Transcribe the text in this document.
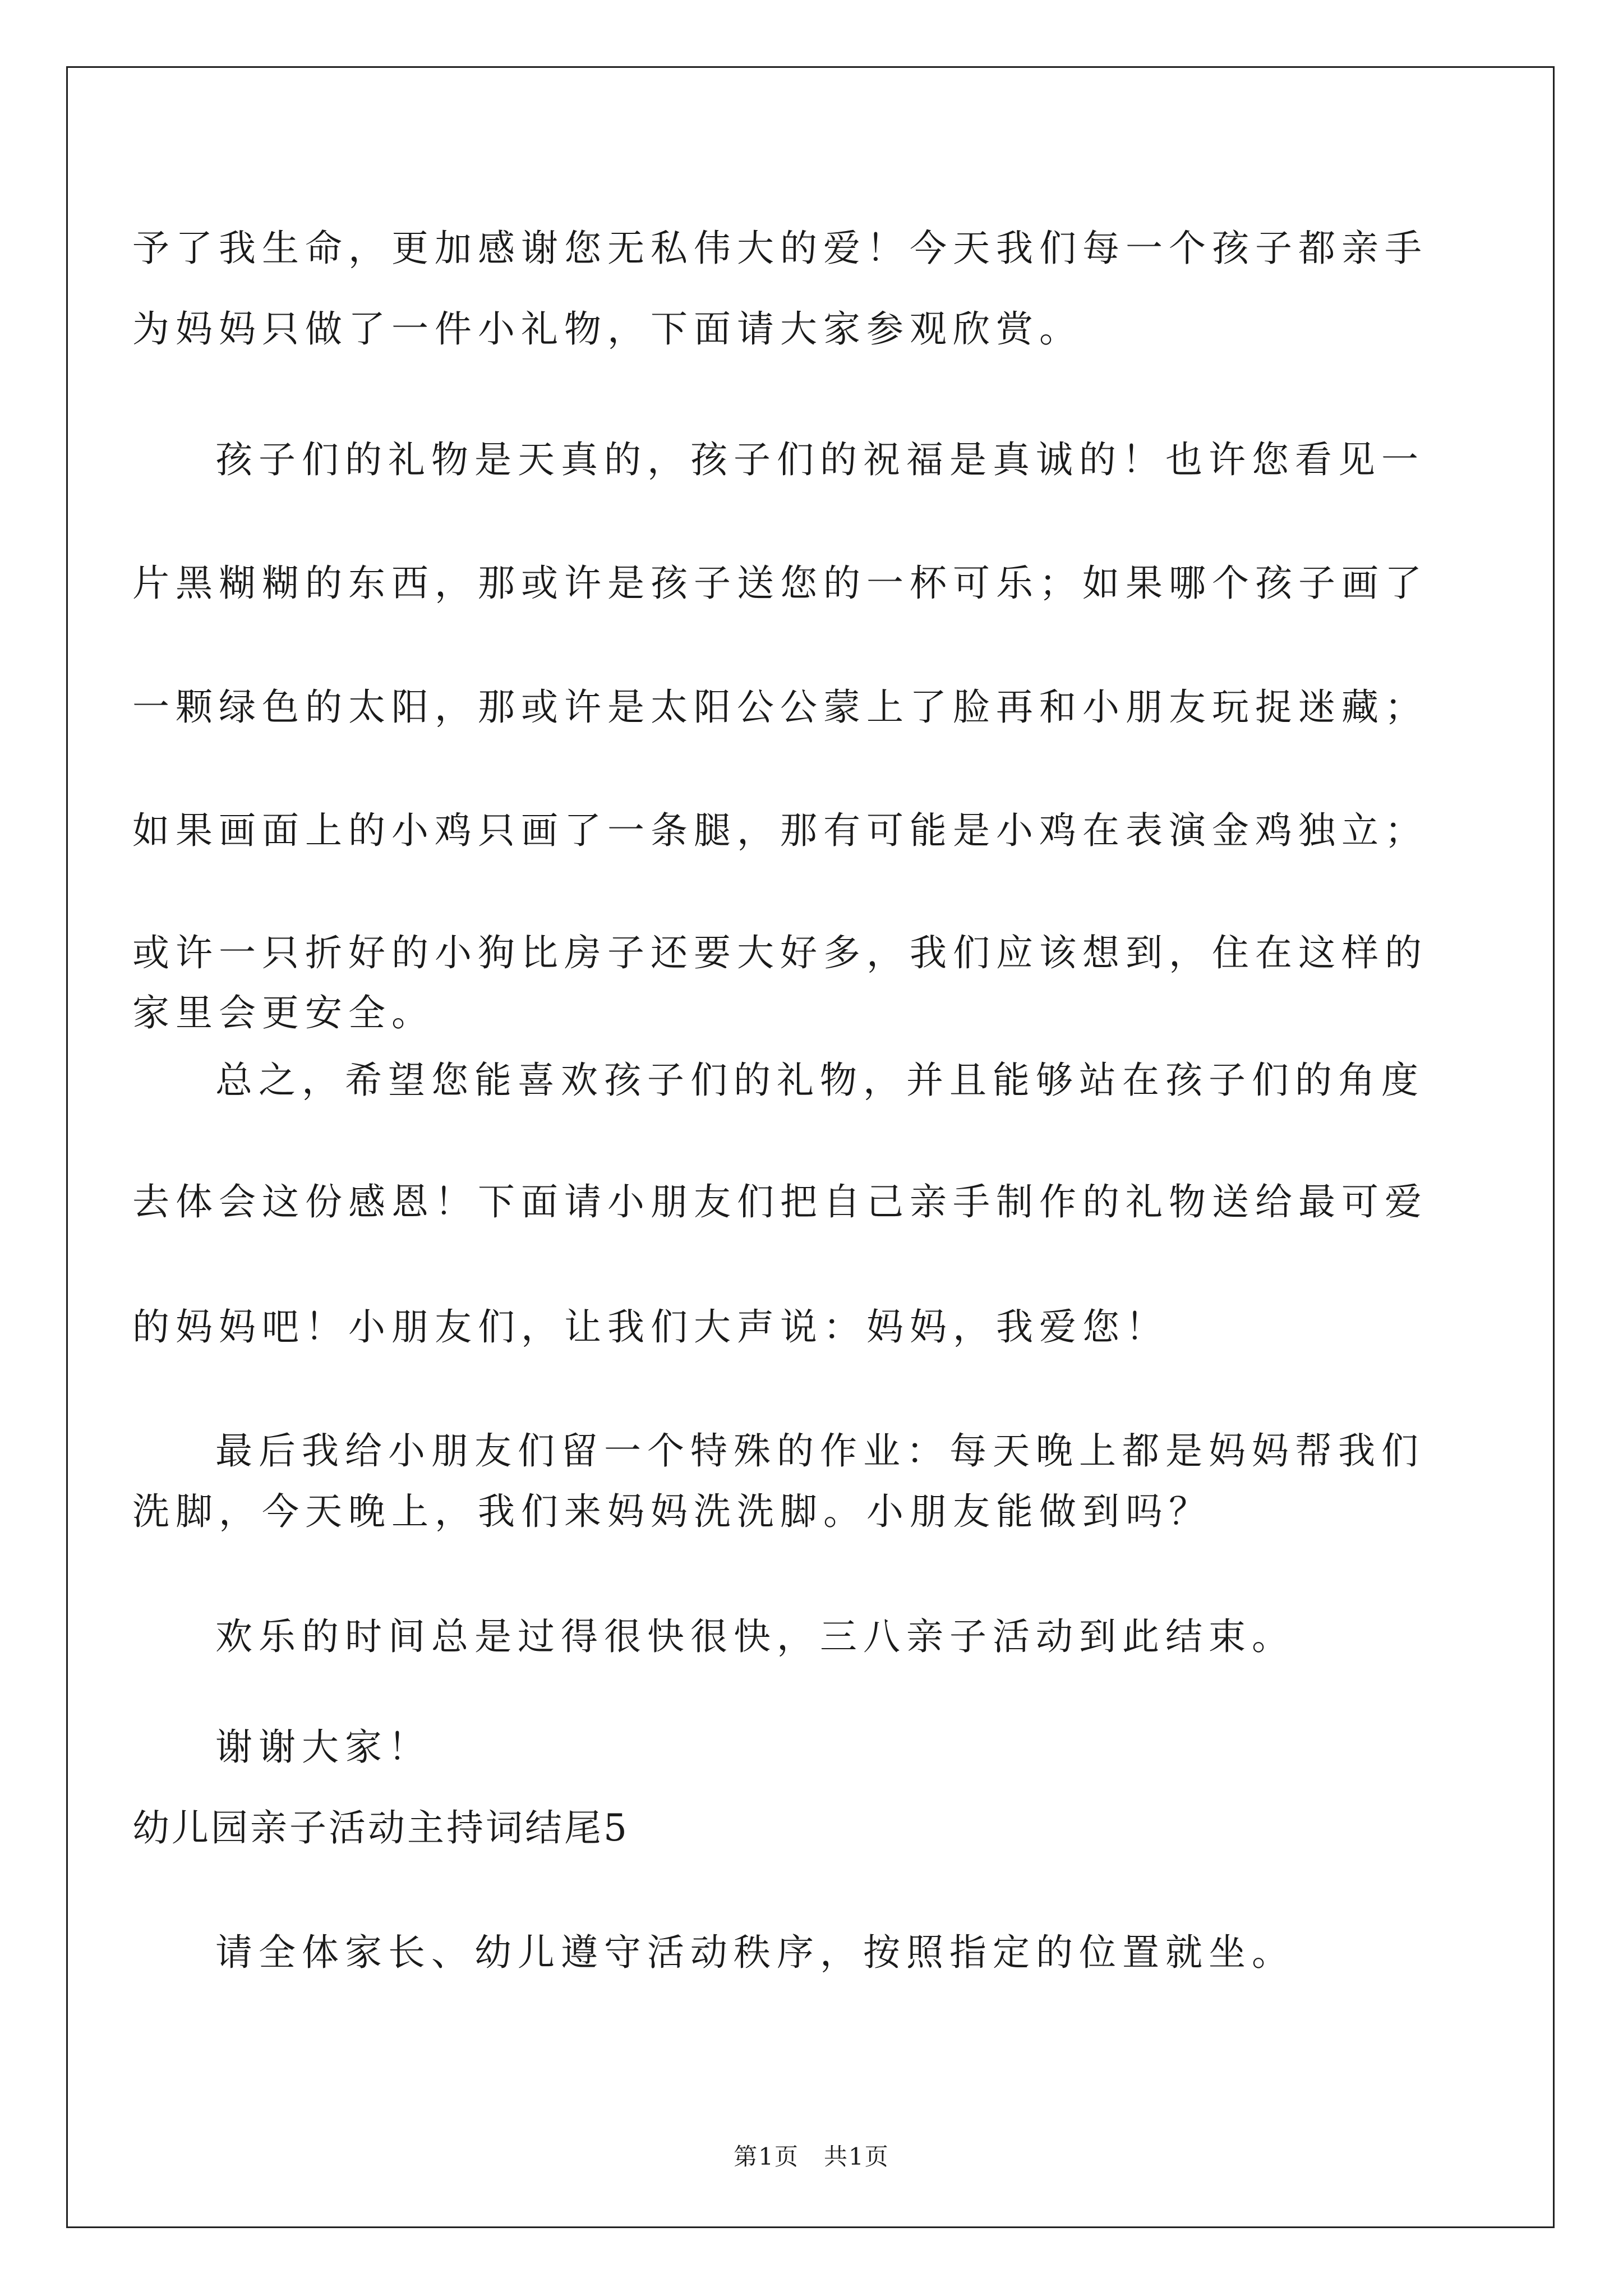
予了我生命，更加感谢您无私伟大的爱！今天我们每一个孩子都亲手
为妈妈只做了一件小礼物，下面请大家参观欣赏。
孩子们的礼物是天真的，孩子们的祝福是真诚的！也许您看见一
片黑糊糊的东西，那或许是孩子送您的一杯可乐；如果哪个孩子画了
一颗绿色的太阳，那或许是太阳公公蒙上了脸再和小朋友玩捉迷藏；
如果画面上的小鸡只画了一条腿，那有可能是小鸡在表演金鸡独立；
或许一只折好的小狗比房子还要大好多，我们应该想到，住在这样的
家里会更安全。
总之，希望您能喜欢孩子们的礼物，并且能够站在孩子们的角度
去体会这份感恩！下面请小朋友们把自己亲手制作的礼物送给最可爱
的妈妈吧！小朋友们，让我们大声说：妈妈，我爱您！
最后我给小朋友们留一个特殊的作业：每天晚上都是妈妈帮我们
洗脚，今天晚上，我们来妈妈洗洗脚。小朋友能做到吗？
欢乐的时间总是过得很快很快，三八亲子活动到此结束。
谢谢大家！
幼儿园亲子活动主持词结尾5
请全体家长、幼儿遵守活动秩序，按照指定的位置就坐。
第1页　共1页
